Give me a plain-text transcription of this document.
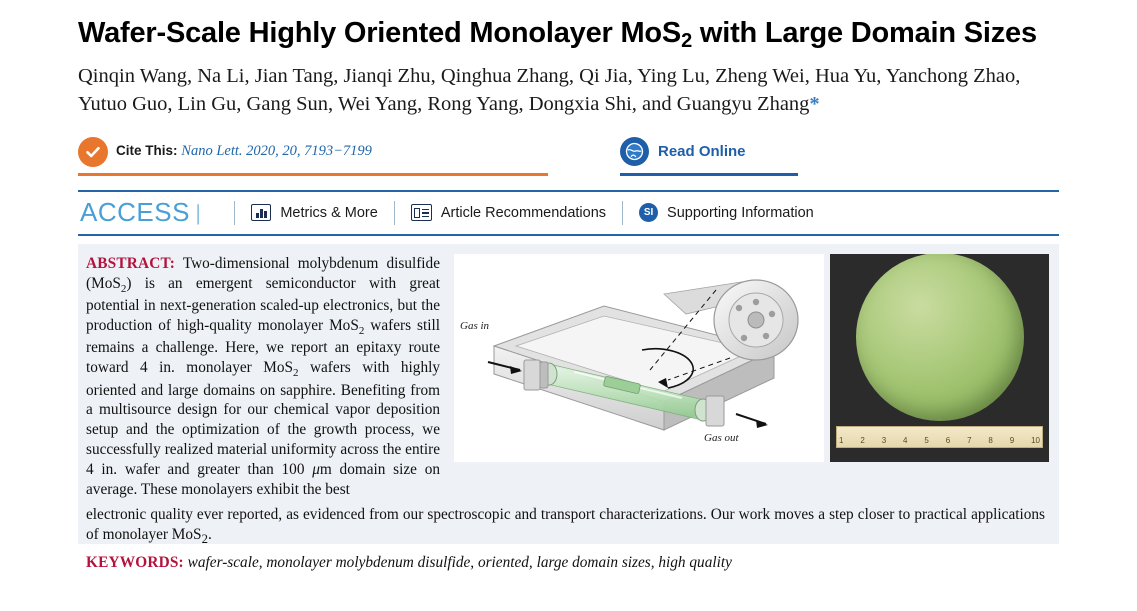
Wafer-Scale Highly Oriented Monolayer MoS$_2$ with Large Domain Sizes

Qinqin Wang, Na Li, Jian Tang, Jianqi Zhu, Qinghua Zhang, Qi Jia, Ying Lu, Zheng Wei, Hua Yu, Yanchong Zhao, Yutuo Guo, Lin Gu, Gang Sun, Wei Yang, Rong Yang, Dongxia Shi, and Guangyu Zhang*

Cite This: Nano Lett. 2020, 20, 7193−7199	Read Online
ACCESS |	Metrics & More	Article Recommendations	SI Supporting Information
ABSTRACT: Two-dimensional molybdenum disulfide (MoS$_2$) is an emergent semiconductor with great potential in next-generation scaled-up electronics, but the production of high-quality monolayer MoS$_2$ wafers still remains a challenge. Here, we report an epitaxy route toward 4 in. monolayer MoS$_2$ wafers with highly oriented and large domains on sapphire. Benefiting from a multisource design for our chemical vapor deposition setup and the optimization of the growth process, we successfully realized material uniformity across the entire 4 in. wafer and greater than 100 μm domain size on average. These monolayers exhibit the best
Gas in
Gas out	1 2 3 4 5 6 7 8 9 10
electronic quality ever reported, as evidenced from our spectroscopic and transport characterizations. Our work moves a step closer to practical applications of monolayer MoS$_2$.
KEYWORDS: wafer-scale, monolayer molybdenum disulfide, oriented, large domain sizes, high quality
